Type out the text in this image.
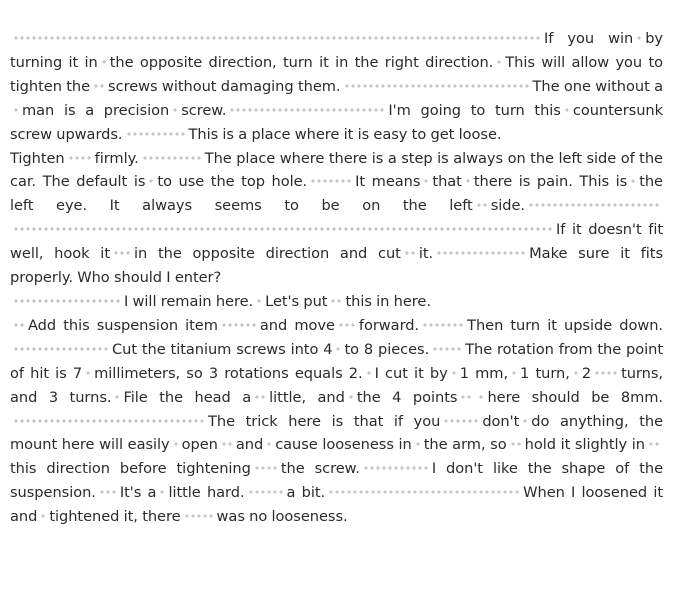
If you win by turning it in the opposite direction, turn it in the right direction. This will allow you to tighten the screws without damaging them.	The one without aman is a precision screw.	I'm going to turn this countersunk screw upwards.	This is a place where it is easy to get loose.
Tighten firmly.	The place where there is a step is always on the left side of the car. The default is to use the top hole.	It means that there is pain. This is the left eye. It always seems to be on the left side.If it doesn't fit well, hook it in the opposite direction and cut it.	Make sure it fits properly. Who should I enter?
I will remain here. Let's put this in here.
Add this suspension item	and move forward.	Then turn it upside down.Cut the titanium screws into 4 to 8 pieces. The rotation from the point of hit is 7 millimeters, so 3 rotations equals 2. I cut it by 1 mm, 1 turn, 2 turns, and 3 turns. File the head a little, and the 4 points here should be 8mm.The trick here is that if you	don't do anything, the mount here will easily open and cause looseness in the arm, so hold it slightly inthis direction before tightening the screw.	I don't like the shape of the suspension. It's a little hard.	a bit.	When I loosened it and tightened it, there was no looseness.
